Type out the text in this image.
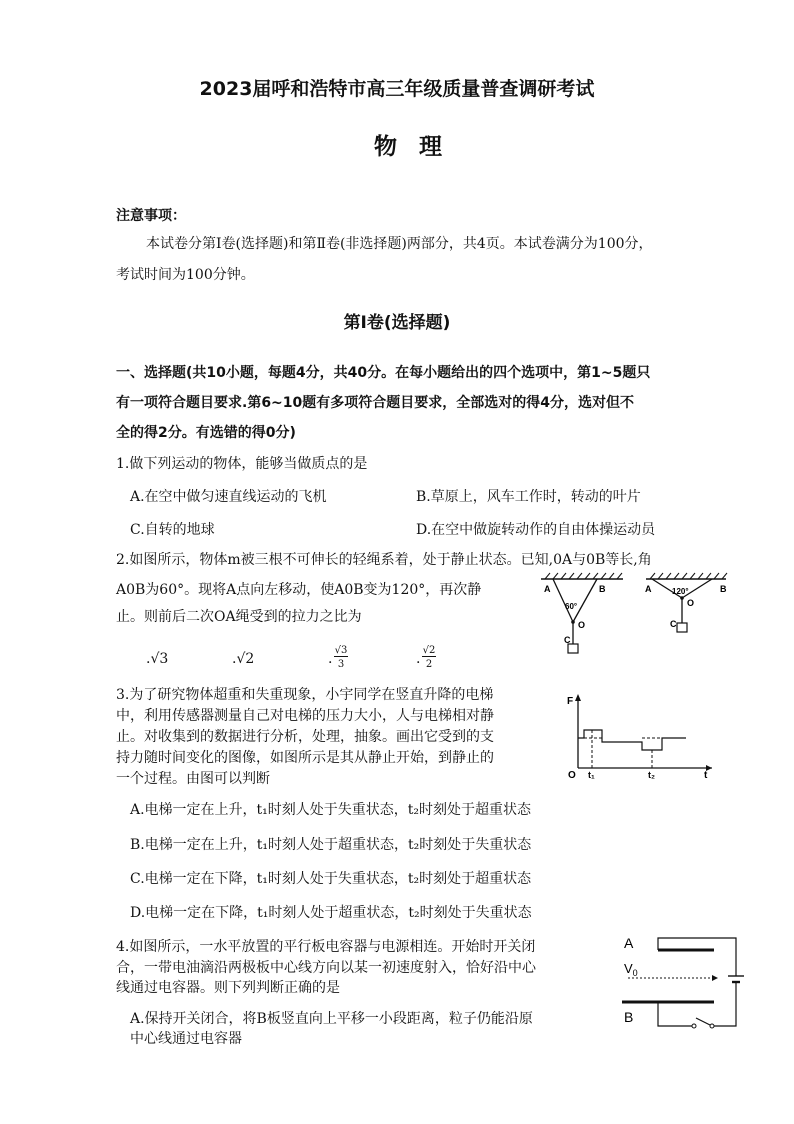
2023届呼和浩特市高三年级质量普查调研考试
物理
注意事项：
本试卷分第Ⅰ卷(选择题)和第Ⅱ卷(非选择题)两部分，共4页。本试卷满分为100分，
考试时间为100分钟。
第Ⅰ卷(选择题)
一、选择题(共10小题，每题4分，共40分。在每小题给出的四个选项中，第1~5题只
有一项符合题目要求.第6~10题有多项符合题目要求，全部选对的得4分，选对但不
全的得2分。有选错的得0分)
1.做下列运动的物体，能够当做质点的是
A.在空中做匀速直线运动的飞机	B.草原上，风车工作时，转动的叶片
C.自转的地球	D.在空中做旋转动作的自由体操运动员
2.如图所示，物体m被三根不可伸长的轻绳系着，处于静止状态。已知,0A与0B等长,角
A0B为60°。现将A点向左移动，使A0B变为120°，再次静
止。则前后二次OA绳受到的拉力之比为
.√3	.√2	.
√3
3	.
√2
2
A	B
60°
O
C
A	B
120°
O
C
3.为了研究物体超重和失重现象，小宇同学在竖直升降的电梯
中，利用传感器测量自己对电梯的压力大小，人与电梯相对静
止。对收集到的数据进行分析，处理，抽象。画出它受到的支
持力随时间变化的图像，如图所示是其从静止开始，到静止的
一个过程。由图可以判断
F
O	t
t₁	t₂
A.电梯一定在上升，t₁时刻人处于失重状态，t₂时刻处于超重状态
B.电梯一定在上升，t₁时刻人处于超重状态，t₂时刻处于失重状态
C.电梯一定在下降，t₁时刻人处于失重状态，t₂时刻处于超重状态
D.电梯一定在下降，t₁时刻人处于超重状态，t₂时刻处于失重状态
4.如图所示，一水平放置的平行板电容器与电源相连。开始时开关闭
合，一带电油滴沿两极板中心线方向以某一初速度射入，恰好沿中心
线通过电容器。则下列判断正确的是
A.保持开关闭合，将B板竖直向上平移一小段距离，粒子仍能沿原
中心线通过电容器
A
B
$V_0$
